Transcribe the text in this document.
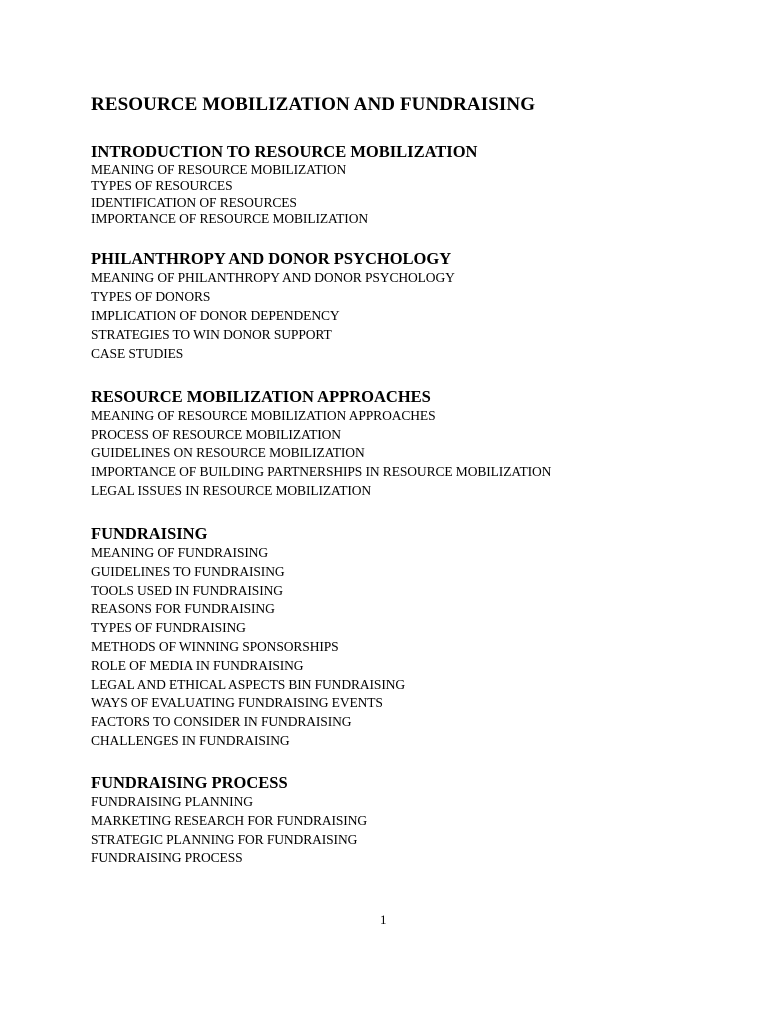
RESOURCE MOBILIZATION AND FUNDRAISING
INTRODUCTION TO RESOURCE MOBILIZATION
MEANING OF RESOURCE MOBILIZATION
TYPES OF RESOURCES
IDENTIFICATION OF RESOURCES
IMPORTANCE OF RESOURCE MOBILIZATION
PHILANTHROPY AND DONOR PSYCHOLOGY
MEANING OF PHILANTHROPY AND DONOR PSYCHOLOGY
TYPES OF DONORS
IMPLICATION OF DONOR DEPENDENCY
STRATEGIES TO WIN DONOR SUPPORT
CASE STUDIES
RESOURCE MOBILIZATION APPROACHES
MEANING OF RESOURCE MOBILIZATION APPROACHES
PROCESS OF RESOURCE MOBILIZATION
GUIDELINES ON RESOURCE MOBILIZATION
IMPORTANCE OF BUILDING PARTNERSHIPS IN RESOURCE MOBILIZATION
LEGAL ISSUES IN RESOURCE MOBILIZATION
FUNDRAISING
MEANING OF FUNDRAISING
GUIDELINES TO FUNDRAISING
TOOLS USED IN FUNDRAISING
REASONS FOR FUNDRAISING
TYPES OF FUNDRAISING
METHODS OF WINNING SPONSORSHIPS
ROLE OF MEDIA IN FUNDRAISING
LEGAL AND ETHICAL ASPECTS BIN FUNDRAISING
WAYS OF EVALUATING FUNDRAISING EVENTS
FACTORS TO CONSIDER IN FUNDRAISING
CHALLENGES IN FUNDRAISING
FUNDRAISING PROCESS
FUNDRAISING PLANNING
MARKETING RESEARCH FOR FUNDRAISING
STRATEGIC PLANNING FOR FUNDRAISING
FUNDRAISING PROCESS
1
